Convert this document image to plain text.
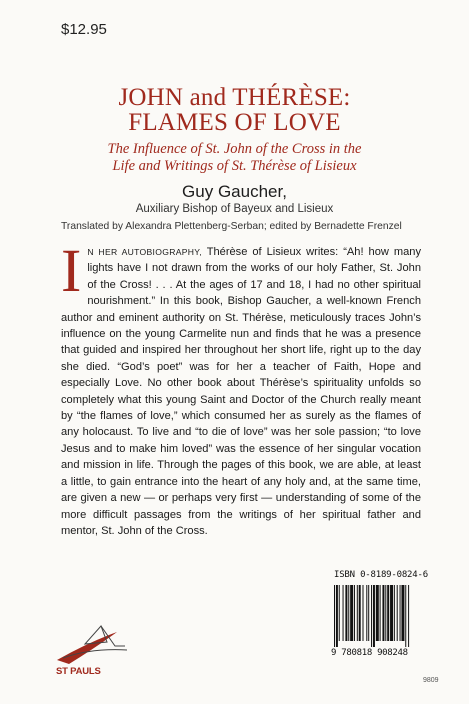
$12.95
JOHN and THÉRÈSE:
FLAMES OF LOVE
The Influence of St. John of the Cross in the
Life and Writings of St. Thérèse of Lisieux
Guy Gaucher,
Auxiliary Bishop of Bayeux and Lisieux
Translated by Alexandra Plettenberg-Serban; edited by Bernadette Frenzel
I N HER AUTOBIOGRAPHY, Thérèse of Lisieux writes: “Ah! how many lights have I not drawn from the works of our holy Father, St. John of the Cross! . . . At the ages of 17 and 18, I had no other spiritual nourishment.” In this book, Bishop Gaucher, a well-known French author and eminent authority on St. Thérèse, meticulously traces John’s influence on the young Carmelite nun and finds that he was a presence that guided and inspired her throughout her short life, right up to the day she died. “God’s poet” was for her a teacher of Faith, Hope and especially Love. No other book about Thérèse’s spirituality unfolds so completely what this young Saint and Doctor of the Church really meant by “the flames of love,” which consumed her as surely as the flames of any holocaust. To live and “to die of love” was her sole passion; “to love Jesus and to make him loved” was the essence of her singular vocation and mission in life. Through the pages of this book, we are able, at least a little, to gain entrance into the heart of any holy and, at the same time, are given a new — or perhaps very first — understanding of some of the more difficult passages from the writings of her spiritual father and mentor, St. John of the Cross.
ISBN 0-8189-0824-6
9 780818 908248
ST PAULS
9809
